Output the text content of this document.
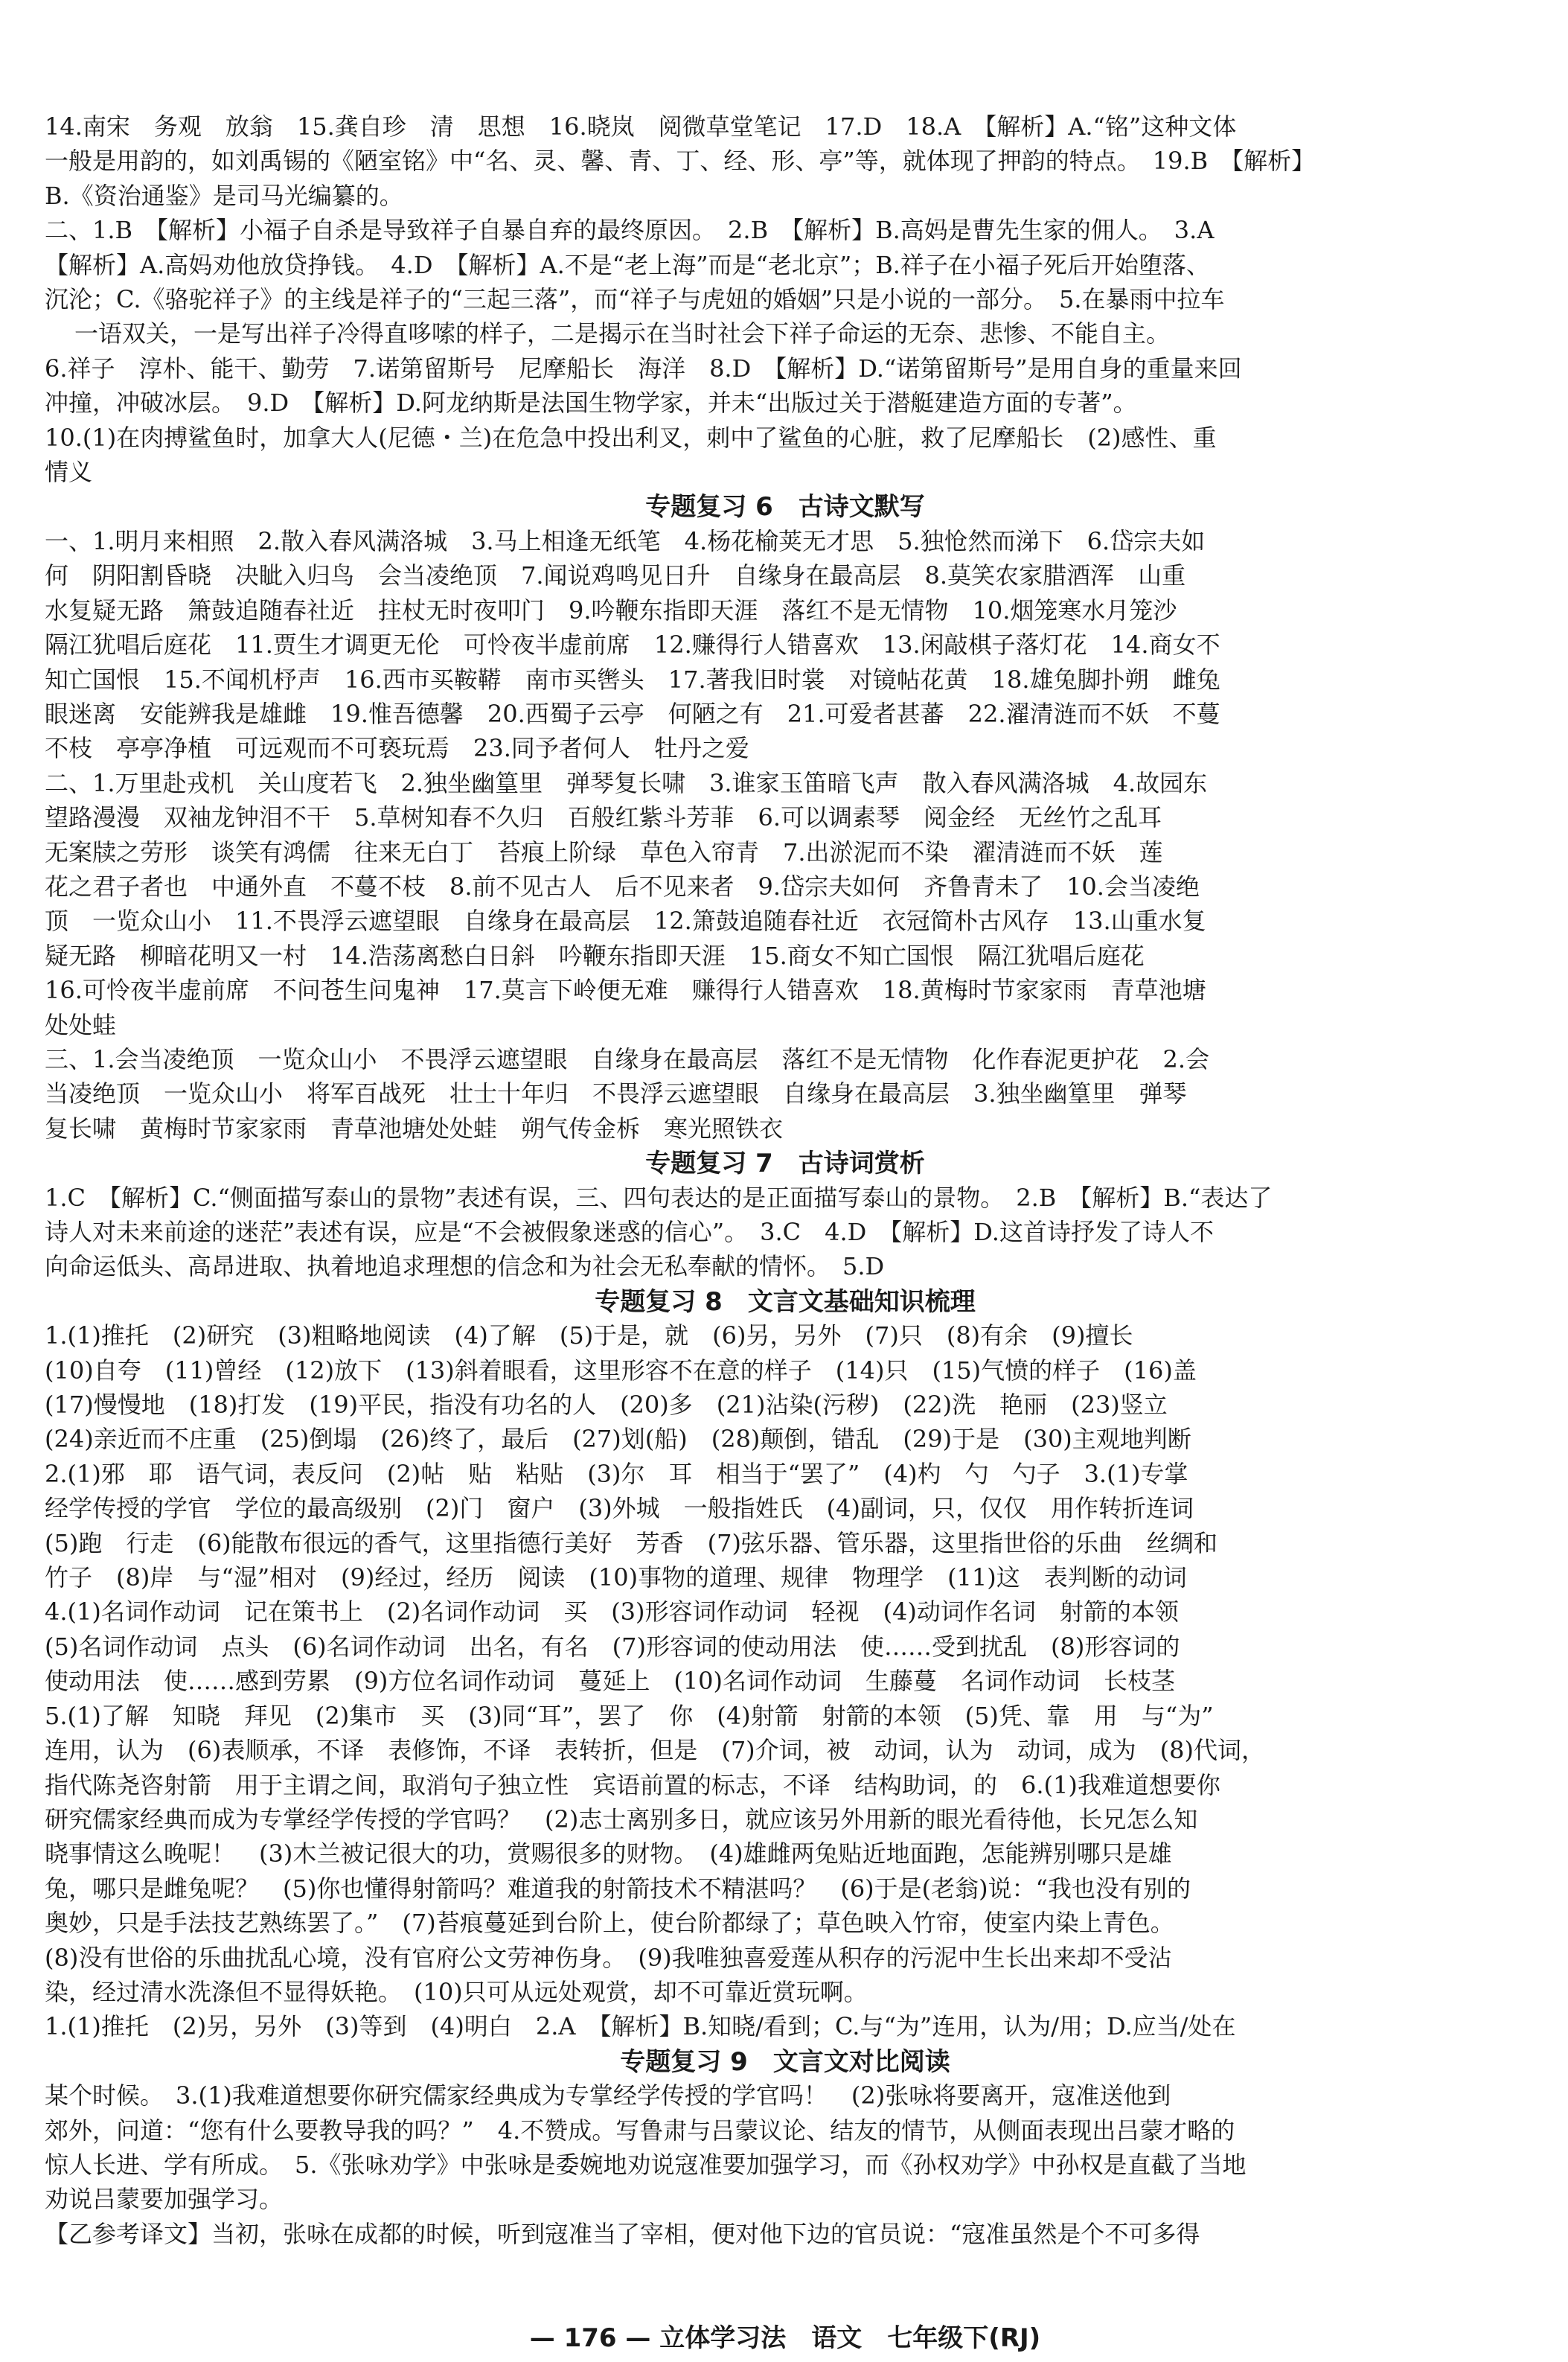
14.南宋　务观　放翁　15.龚自珍　清　思想　16.晓岚　阅微草堂笔记　17.D　18.A　【解析】A.“铭”这种文体
一般是用韵的，如刘禹锡的《陋室铭》中“名、灵、馨、青、丁、经、形、亭”等，就体现了押韵的特点。　19.B　【解析】
B.《资治通鉴》是司马光编纂的。
二、1.B　【解析】小福子自杀是导致祥子自暴自弃的最终原因。　2.B　【解析】B.高妈是曹先生家的佣人。　3.A
【解析】A.高妈劝他放贷挣钱。　4.D　【解析】A.不是“老上海”而是“老北京”；B.祥子在小福子死后开始堕落、
沉沦；C.《骆驼祥子》的主线是祥子的“三起三落”，而“祥子与虎妞的婚姻”只是小说的一部分。　5.在暴雨中拉车
一语双关，一是写出祥子冷得直哆嗦的样子，二是揭示在当时社会下祥子命运的无奈、悲惨、不能自主。
6.祥子　淳朴、能干、勤劳　7.诺第留斯号　尼摩船长　海洋　8.D　【解析】D.“诺第留斯号”是用自身的重量来回
冲撞，冲破冰层。　9.D　【解析】D.阿龙纳斯是法国生物学家，并未“出版过关于潜艇建造方面的专著”。
10.(1)在肉搏鲨鱼时，加拿大人(尼德・兰)在危急中投出利叉，刺中了鲨鱼的心脏，救了尼摩船长　(2)感性、重
情义
专题复习 6　古诗文默写
一、1.明月来相照　2.散入春风满洛城　3.马上相逢无纸笔　4.杨花榆荚无才思　5.独怆然而涕下　6.岱宗夫如
何　阴阳割昏晓　决眦入归鸟　会当凌绝顶　7.闻说鸡鸣见日升　自缘身在最高层　8.莫笑农家腊酒浑　山重
水复疑无路　箫鼓追随春社近　拄杖无时夜叩门　9.吟鞭东指即天涯　落红不是无情物　10.烟笼寒水月笼沙
隔江犹唱后庭花　11.贾生才调更无伦　可怜夜半虚前席　12.赚得行人错喜欢　13.闲敲棋子落灯花　14.商女不
知亡国恨　15.不闻机杼声　16.西市买鞍鞯　南市买辔头　17.著我旧时裳　对镜帖花黄　18.雄兔脚扑朔　雌兔
眼迷离　安能辨我是雄雌　19.惟吾德馨　20.西蜀子云亭　何陋之有　21.可爱者甚蕃　22.濯清涟而不妖　不蔓
不枝　亭亭净植　可远观而不可亵玩焉　23.同予者何人　牡丹之爱
二、1.万里赴戎机　关山度若飞　2.独坐幽篁里　弹琴复长啸　3.谁家玉笛暗飞声　散入春风满洛城　4.故园东
望路漫漫　双袖龙钟泪不干　5.草树知春不久归　百般红紫斗芳菲　6.可以调素琴　阅金经　无丝竹之乱耳
无案牍之劳形　谈笑有鸿儒　往来无白丁　苔痕上阶绿　草色入帘青　7.出淤泥而不染　濯清涟而不妖　莲
花之君子者也　中通外直　不蔓不枝　8.前不见古人　后不见来者　9.岱宗夫如何　齐鲁青未了　10.会当凌绝
顶　一览众山小　11.不畏浮云遮望眼　自缘身在最高层　12.箫鼓追随春社近　衣冠简朴古风存　13.山重水复
疑无路　柳暗花明又一村　14.浩荡离愁白日斜　吟鞭东指即天涯　15.商女不知亡国恨　隔江犹唱后庭花
16.可怜夜半虚前席　不问苍生问鬼神　17.莫言下岭便无难　赚得行人错喜欢　18.黄梅时节家家雨　青草池塘
处处蛙
三、1.会当凌绝顶　一览众山小　不畏浮云遮望眼　自缘身在最高层　落红不是无情物　化作春泥更护花　2.会
当凌绝顶　一览众山小　将军百战死　壮士十年归　不畏浮云遮望眼　自缘身在最高层　3.独坐幽篁里　弹琴
复长啸　黄梅时节家家雨　青草池塘处处蛙　朔气传金柝　寒光照铁衣
专题复习 7　古诗词赏析
1.C　【解析】C.“侧面描写泰山的景物”表述有误，三、四句表达的是正面描写泰山的景物。　2.B　【解析】B.“表达了
诗人对未来前途的迷茫”表述有误，应是“不会被假象迷惑的信心”。　3.C　4.D　【解析】D.这首诗抒发了诗人不
向命运低头、高昂进取、执着地追求理想的信念和为社会无私奉献的情怀。　5.D
专题复习 8　文言文基础知识梳理
1.(1)推托　(2)研究　(3)粗略地阅读　(4)了解　(5)于是，就　(6)另，另外　(7)只　(8)有余　(9)擅长
(10)自夸　(11)曾经　(12)放下　(13)斜着眼看，这里形容不在意的样子　(14)只　(15)气愤的样子　(16)盖
(17)慢慢地　(18)打发　(19)平民，指没有功名的人　(20)多　(21)沾染(污秽)　(22)洗　艳丽　(23)竖立
(24)亲近而不庄重　(25)倒塌　(26)终了，最后　(27)划(船)　(28)颠倒，错乱　(29)于是　(30)主观地判断
2.(1)邪　耶　语气词，表反问　(2)帖　贴　粘贴　(3)尔　耳　相当于“罢了”　(4)杓　勺　勺子　3.(1)专掌
经学传授的学官　学位的最高级别　(2)门　窗户　(3)外城　一般指姓氏　(4)副词，只，仅仅　用作转折连词
(5)跑　行走　(6)能散布很远的香气，这里指德行美好　芳香　(7)弦乐器、管乐器，这里指世俗的乐曲　丝绸和
竹子　(8)岸　与“湿”相对　(9)经过，经历　阅读　(10)事物的道理、规律　物理学　(11)这　表判断的动词
4.(1)名词作动词　记在策书上　(2)名词作动词　买　(3)形容词作动词　轻视　(4)动词作名词　射箭的本领
(5)名词作动词　点头　(6)名词作动词　出名，有名　(7)形容词的使动用法　使……受到扰乱　(8)形容词的
使动用法　使……感到劳累　(9)方位名词作动词　蔓延上　(10)名词作动词　生藤蔓　名词作动词　长枝茎
5.(1)了解　知晓　拜见　(2)集市　买　(3)同“耳”，罢了　你　(4)射箭　射箭的本领　(5)凭、靠　用　与“为”
连用，认为　(6)表顺承，不译　表修饰，不译　表转折，但是　(7)介词，被　动词，认为　动词，成为　(8)代词，
指代陈尧咨射箭　用于主谓之间，取消句子独立性　宾语前置的标志，不译　结构助词，的　6.(1)我难道想要你
研究儒家经典而成为专掌经学传授的学官吗？　(2)志士离别多日，就应该另外用新的眼光看待他，长兄怎么知
晓事情这么晚呢！　(3)木兰被记很大的功，赏赐很多的财物。　(4)雄雌两兔贴近地面跑，怎能辨别哪只是雄
兔，哪只是雌兔呢？　(5)你也懂得射箭吗？难道我的射箭技术不精湛吗？　(6)于是(老翁)说：“我也没有别的
奥妙，只是手法技艺熟练罢了。”　(7)苔痕蔓延到台阶上，使台阶都绿了；草色映入竹帘，使室内染上青色。
(8)没有世俗的乐曲扰乱心境，没有官府公文劳神伤身。　(9)我唯独喜爱莲从积存的污泥中生长出来却不受沾
染，经过清水洗涤但不显得妖艳。　(10)只可从远处观赏，却不可靠近赏玩啊。
1.(1)推托　(2)另，另外　(3)等到　(4)明白　2.A　【解析】B.知晓/看到；C.与“为”连用，认为/用；D.应当/处在
专题复习 9　文言文对比阅读
某个时候。　3.(1)我难道想要你研究儒家经典成为专掌经学传授的学官吗！　(2)张咏将要离开，寇准送他到
郊外，问道：“您有什么要教导我的吗？”　4.不赞成。写鲁肃与吕蒙议论、结友的情节，从侧面表现出吕蒙才略的
惊人长进、学有所成。　5.《张咏劝学》中张咏是委婉地劝说寇准要加强学习，而《孙权劝学》中孙权是直截了当地
劝说吕蒙要加强学习。
【乙参考译文】当初，张咏在成都的时候，听到寇准当了宰相，便对他下边的官员说：“寇准虽然是个不可多得
— 176 — 立体学习法　语文　七年级下(RJ)
